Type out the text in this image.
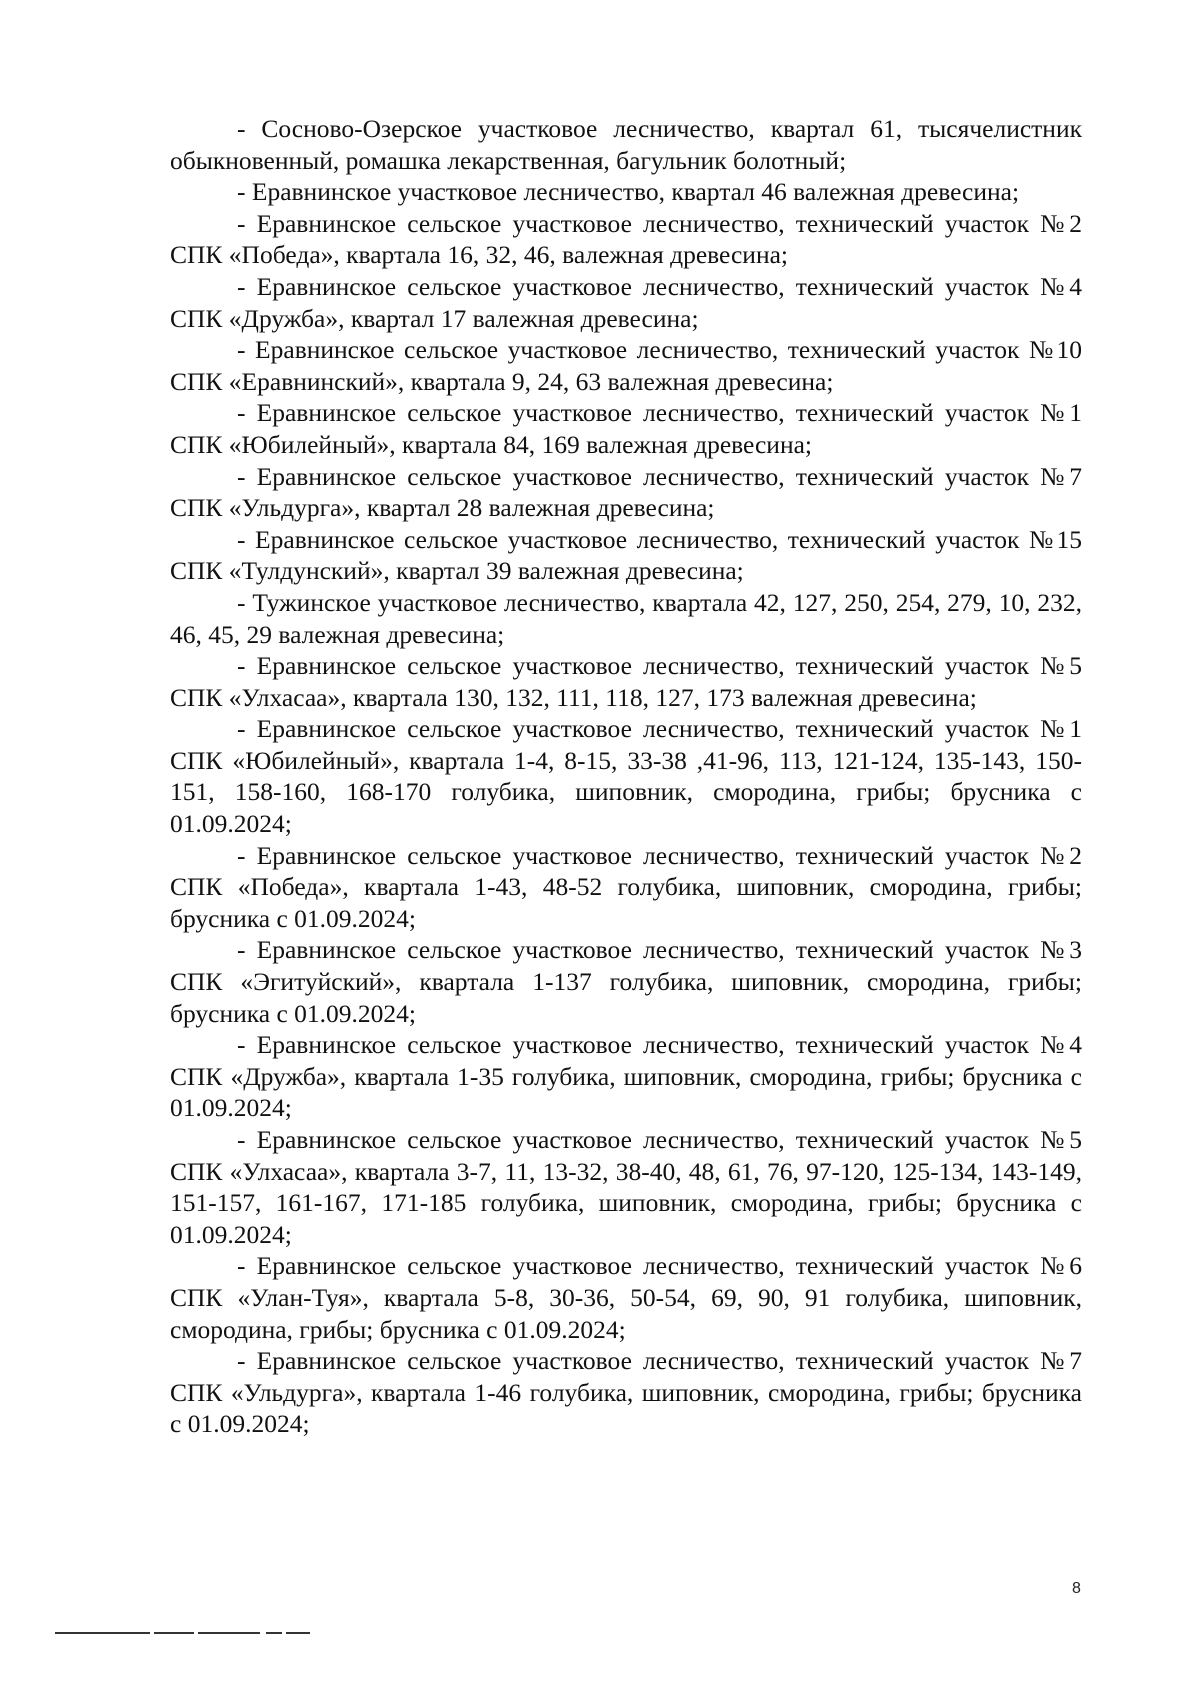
- Сосново-Озерское участковое лесничество, квартал 61, тысячелистник обыкновенный, ромашка лекарственная, багульник болотный;

- Еравнинское участковое лесничество, квартал 46 валежная древесина;

- Еравнинское сельское участковое лесничество, технический участок №2 СПК «Победа», квартала 16, 32, 46, валежная древесина;

- Еравнинское сельское участковое лесничество, технический участок №4 СПК «Дружба», квартал 17 валежная древесина;

- Еравнинское сельское участковое лесничество, технический участок №10 СПК «Еравнинский», квартала 9, 24, 63 валежная древесина;

- Еравнинское сельское участковое лесничество, технический участок №1 СПК «Юбилейный», квартала 84, 169 валежная древесина;

- Еравнинское сельское участковое лесничество, технический участок №7 СПК «Ульдурга», квартал 28 валежная древесина;

- Еравнинское сельское участковое лесничество, технический участок №15 СПК «Тулдунский», квартал 39 валежная древесина;

- Тужинское участковое лесничество, квартала 42, 127, 250, 254, 279, 10, 232, 46, 45, 29 валежная древесина;

- Еравнинское сельское участковое лесничество, технический участок №5 СПК «Улхасаа», квартала 130, 132, 111, 118, 127, 173 валежная древесина;

- Еравнинское сельское участковое лесничество, технический участок №1 СПК «Юбилейный», квартала 1-4, 8-15, 33-38 ,41-96, 113, 121-124, 135-143, 150-151, 158-160, 168-170 голубика, шиповник, смородина, грибы; брусника с 01.09.2024;

- Еравнинское сельское участковое лесничество, технический участок №2 СПК «Победа», квартала 1-43, 48-52 голубика, шиповник, смородина, грибы; брусника с 01.09.2024;

- Еравнинское сельское участковое лесничество, технический участок №3 СПК «Эгитуйский», квартала 1-137 голубика, шиповник, смородина, грибы; брусника с 01.09.2024;

- Еравнинское сельское участковое лесничество, технический участок №4 СПК «Дружба», квартала 1-35 голубика, шиповник, смородина, грибы; брусника с 01.09.2024;

- Еравнинское сельское участковое лесничество, технический участок №5 СПК «Улхасаа», квартала 3-7, 11, 13-32, 38-40, 48, 61, 76, 97-120, 125-134, 143-149, 151-157, 161-167, 171-185 голубика, шиповник, смородина, грибы; брусника с 01.09.2024;

- Еравнинское сельское участковое лесничество, технический участок №6 СПК «Улан-Туя», квартала 5-8, 30-36, 50-54, 69, 90, 91 голубика, шиповник, смородина, грибы; брусника с 01.09.2024;

- Еравнинское сельское участковое лесничество, технический участок №7 СПК «Ульдурга», квартала 1-46 голубика, шиповник, смородина, грибы; брусника с 01.09.2024;

8
